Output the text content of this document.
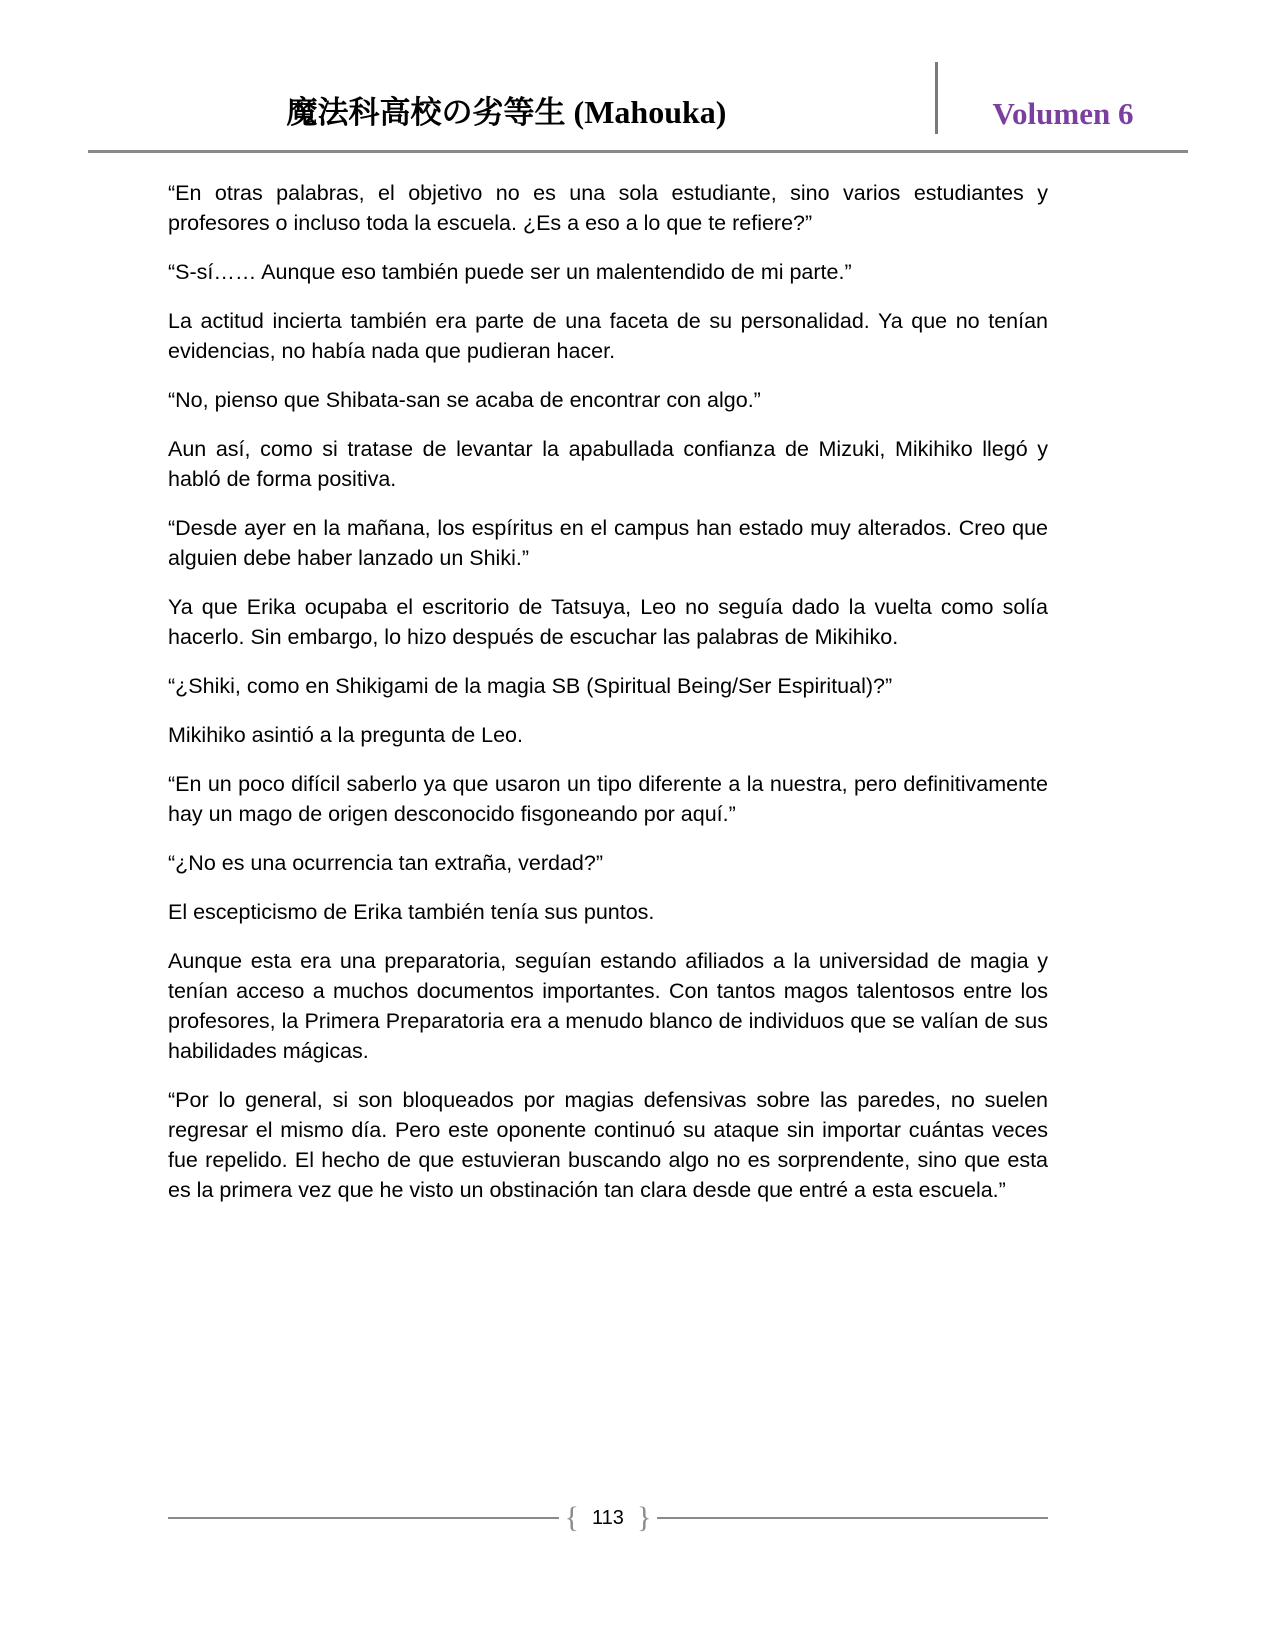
魔法科高校の劣等生 (Mahouka)	Volumen 6

“En otras palabras, el objetivo no es una sola estudiante, sino varios estudiantes y profesores o incluso toda la escuela. ¿Es a eso a lo que te refiere?”

“S-sí…… Aunque eso también puede ser un malentendido de mi parte.”

La actitud incierta también era parte de una faceta de su personalidad. Ya que no tenían evidencias, no había nada que pudieran hacer.

“No, pienso que Shibata-san se acaba de encontrar con algo.”

Aun así, como si tratase de levantar la apabullada confianza de Mizuki, Mikihiko llegó y habló de forma positiva.

“Desde ayer en la mañana, los espíritus en el campus han estado muy alterados. Creo que alguien debe haber lanzado un Shiki.”

Ya que Erika ocupaba el escritorio de Tatsuya, Leo no seguía dado la vuelta como solía hacerlo. Sin embargo, lo hizo después de escuchar las palabras de Mikihiko.

“¿Shiki, como en Shikigami de la magia SB (Spiritual Being/Ser Espiritual)?”

Mikihiko asintió a la pregunta de Leo.

“En un poco difícil saberlo ya que usaron un tipo diferente a la nuestra, pero definitivamente hay un mago de origen desconocido fisgoneando por aquí.”

“¿No es una ocurrencia tan extraña, verdad?”

El escepticismo de Erika también tenía sus puntos.

Aunque esta era una preparatoria, seguían estando afiliados a la universidad de magia y tenían acceso a muchos documentos importantes. Con tantos magos talentosos entre los profesores, la Primera Preparatoria era a menudo blanco de individuos que se valían de sus habilidades mágicas.

“Por lo general, si son bloqueados por magias defensivas sobre las paredes, no suelen regresar el mismo día. Pero este oponente continuó su ataque sin importar cuántas veces fue repelido. El hecho de que estuvieran buscando algo no es sorprendente, sino que esta es la primera vez que he visto un obstinación tan clara desde que entré a esta escuela.”

{ 113 }
